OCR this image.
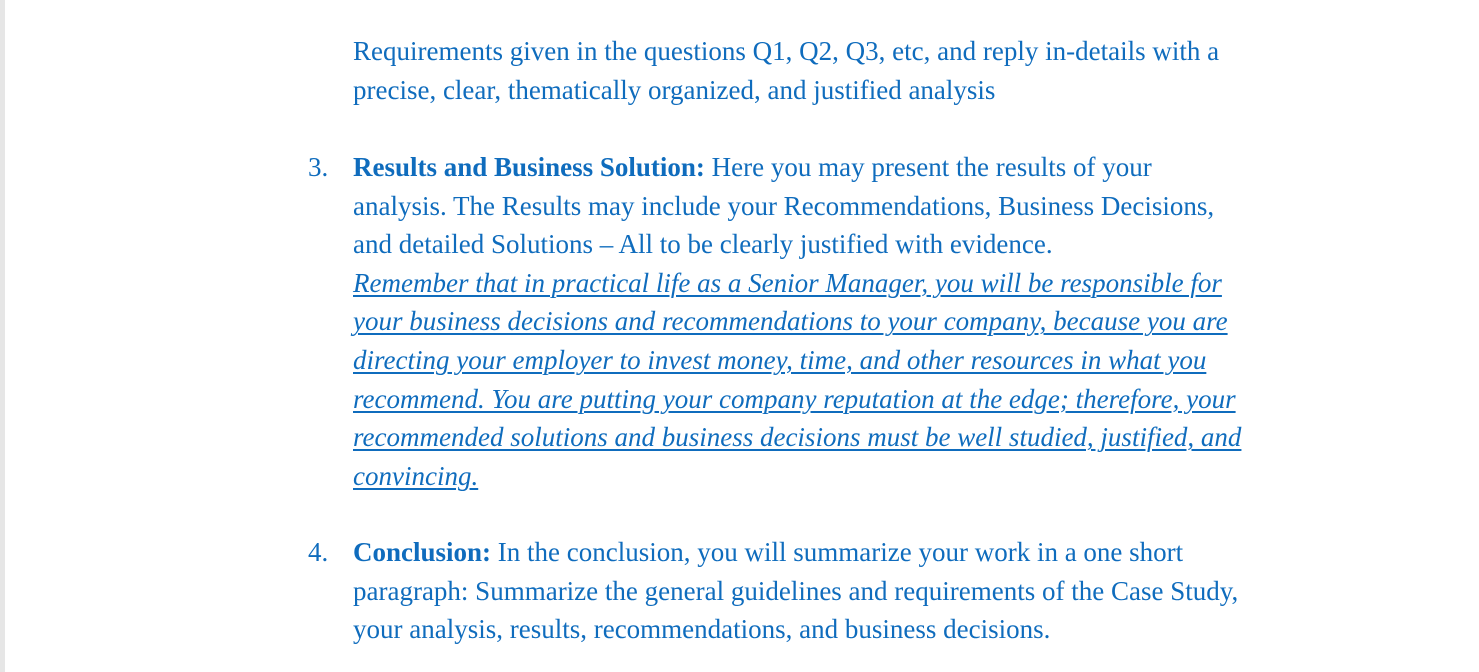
Requirements given in the questions Q1, Q2, Q3, etc, and reply in-details with a
precise, clear, thematically organized, and justified analysis
3. Results and Business Solution: Here you may present the results of your
analysis. The Results may include your Recommendations, Business Decisions,
and detailed Solutions – All to be clearly justified with evidence.
Remember that in practical life as a Senior Manager, you will be responsible for
your business decisions and recommendations to your company, because you are
directing your employer to invest money, time, and other resources in what you
recommend. You are putting your company reputation at the edge; therefore, your
recommended solutions and business decisions must be well studied, justified, and
convincing.
4. Conclusion: In the conclusion, you will summarize your work in a one short
paragraph: Summarize the general guidelines and requirements of the Case Study,
your analysis, results, recommendations, and business decisions.
